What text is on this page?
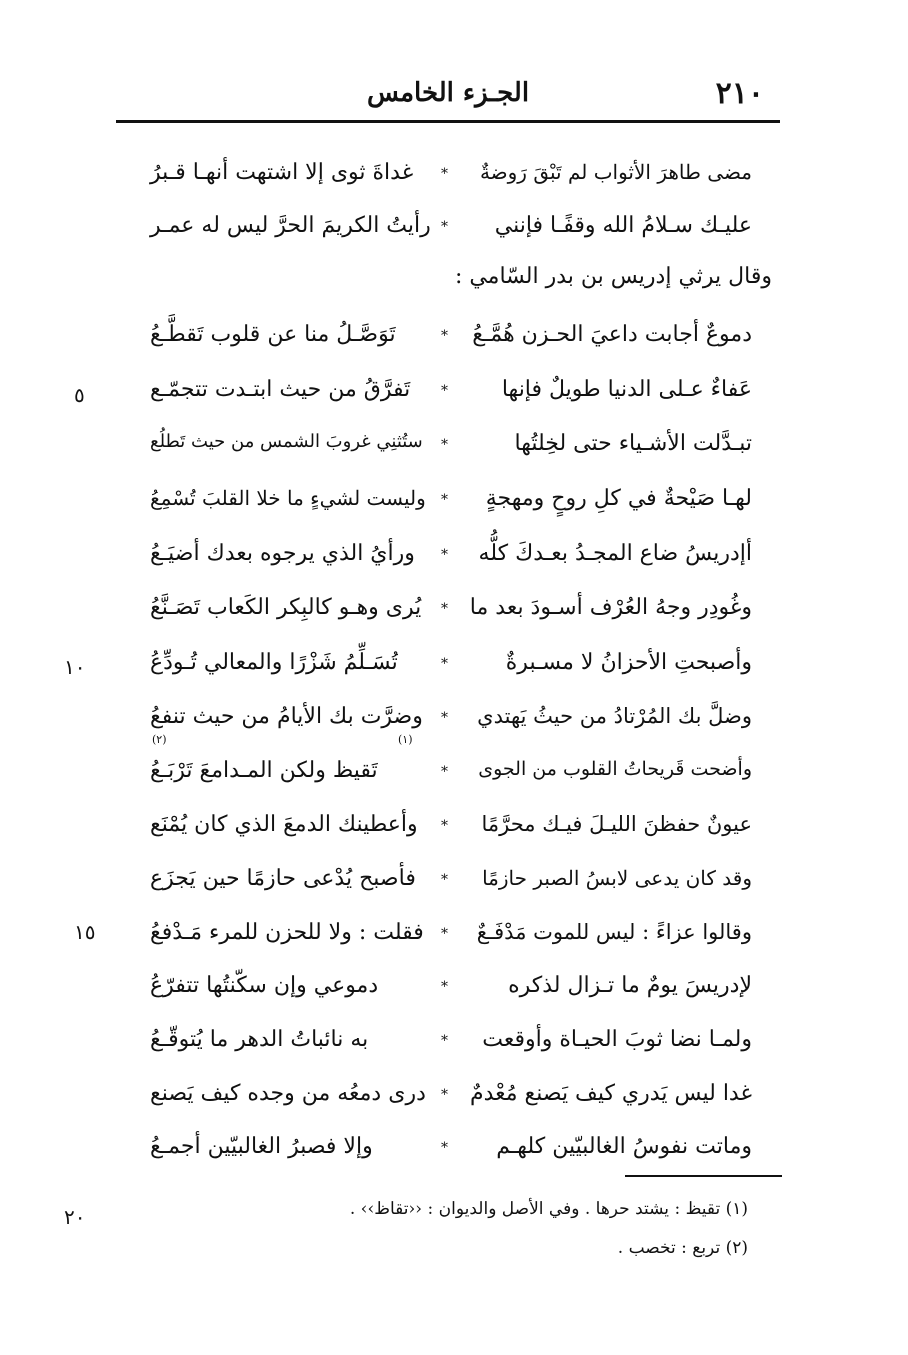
٢١٠
الجـزء الخامس
مضى طاهرَ الأثواب لم تَبْقَ رَوضةٌ
*
غداةَ ثوى إلا اشتهت أنهـا قـبرُ
عليـك سـلامُ الله وقفًـا فإنني
*
رأيتُ الكريمَ الحرَّ ليس له عمـر
وقال يرثي إدريس بن بدر السّامي :
دموعٌ أجابت داعيَ الحـزن هُمَّـعُ
*
تَوَصَّـلُ منا عن قلوب تَقطَّـعُ
عَفاءٌ عـلى الدنيا طويلٌ فإنها
*
تَفرَّقُ من حيث ابتـدت تتجمّـع
تبـدَّلت الأشـياء حتى لخِلتُها
*
ستُثنِي غروبَ الشمس من حيث تَطلُع
لهـا صَيْحةٌ في كلِ روحٍ ومهجةٍ
*
وليست لشيءٍ ما خلا القلبَ تُسْمِعُ
أإدريسُ ضاع المجـدُ بعـدكَ كلُّه
*
ورأيُ الذي يرجوه بعدك أضيَـعُ
وغُودِر وجهُ العُرْف أسـودَ بعد ما
*
يُرى وهـو كالبِكر الكَعاب تَصَـنَّعُ
وأصبحتِ الأحزانُ لا مسـبرةٌ
*
تُسَـلِّمُ شَزْرًا والمعالي تُـودِّعُ
وضلَّ بك المُرْتادُ من حيثُ يَهتدي
*
وضرَّت بك الأيامُ من حيث تنفعُ
(١)
(٢)
وأضحت قَريحاتُ القلوب من الجوى
*
تَقيظ ولكن المـدامعَ تَرْبَـعُ
عيونٌ حفظنَ الليـلَ فيـك محرَّمًا
*
وأعطينك الدمعَ الذي كان يُمْنَع
وقد كان يدعى لابسُ الصبر حازمًا
*
فأصبح يُدْعى حازمًا حين يَجزَع
وقالوا عزاءً : ليس للموت مَدْفَـعٌ
*
فقلت : ولا للحزن للمرء مَـدْفعُ
لإدريسَ يومٌ ما تـزال لذكره
*
دموعي وإن سكّنتُها تتفرّعُ
ولمـا نضا ثوبَ الحيـاة وأوقعت
*
به نائباتُ الدهر ما يُتوقّـعُ
غدا ليس يَدري كيف يَصنع مُعْدمٌ
*
درى دمعُه من وجده كيف يَصنع
وماتت نفوسُ الغالبيّين كلهـم
*
وإلا فصبرُ الغالبيّين أجمـعُ
٥
١٠
١٥
٢٠	(١) تقيظ : يشتد حرها . وفي الأصل والديوان : ‹‹تقاظ›› .
(٢) تربع : تخصب .
